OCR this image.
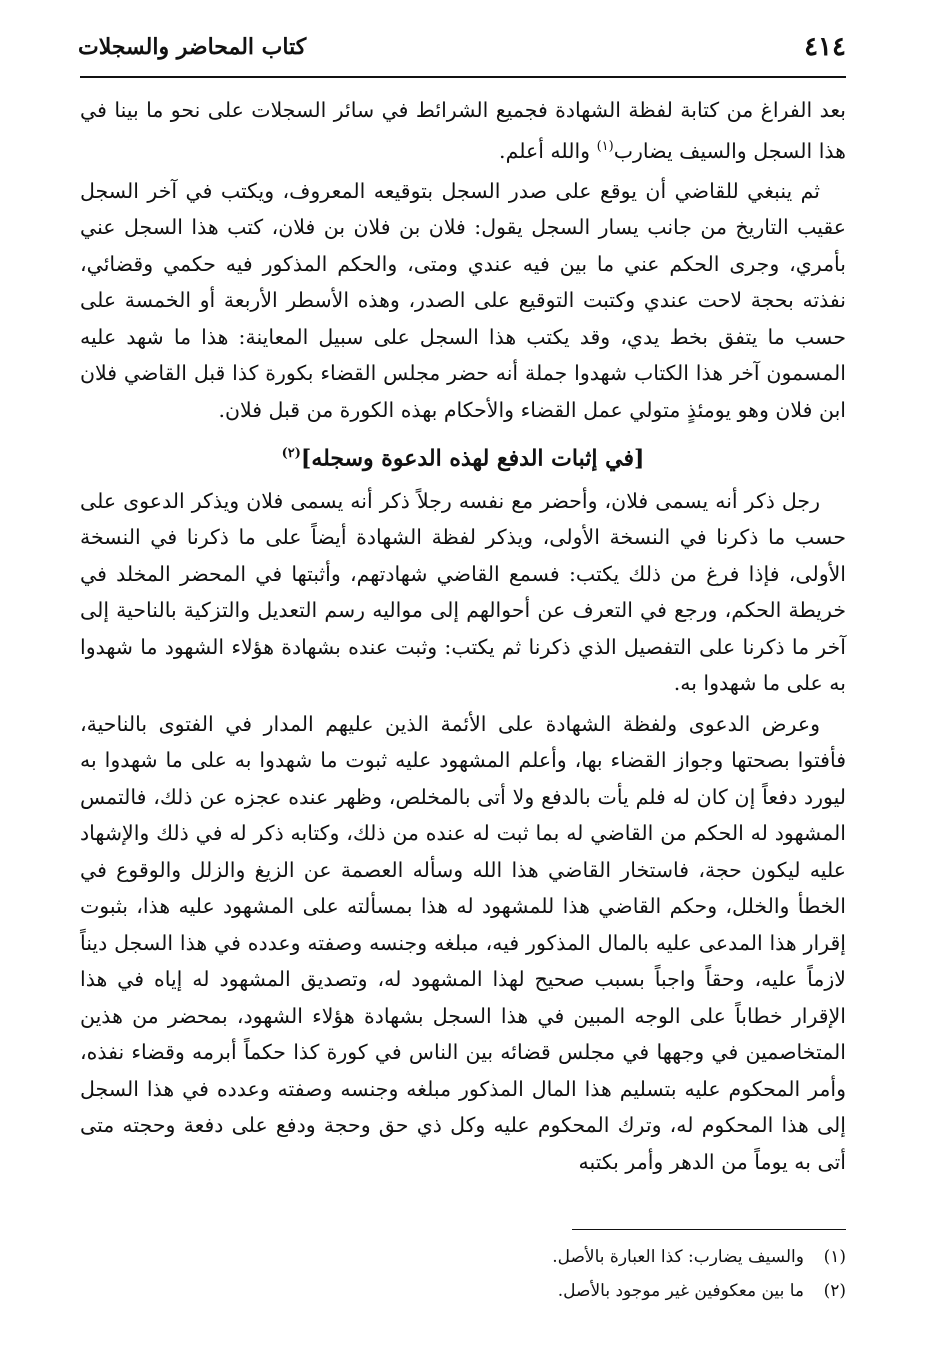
٤١٤
كتاب المحاضر والسجلات

بعد الفراغ من كتابة لفظة الشهادة فجميع الشرائط في سائر السجلات على نحو ما بينا في هذا السجل والسيف يضارب$^{(١)}$ والله أعلم.

ثم ينبغي للقاضي أن يوقع على صدر السجل بتوقيعه المعروف، ويكتب في آخر السجل عقيب التاريخ من جانب يسار السجل يقول: فلان بن فلان بن فلان، كتب هذا السجل عني بأمري، وجرى الحكم عني ما بين فيه عندي ومتى، والحكم المذكور فيه حكمي وقضائي، نفذته بحجة لاحت عندي وكتبت التوقيع على الصدر، وهذه الأسطر الأربعة أو الخمسة على حسب ما يتفق بخط يدي، وقد يكتب هذا السجل على سبيل المعاينة: هذا ما شهد عليه المسمون آخر هذا الكتاب شهدوا جملة أنه حضر مجلس القضاء بكورة كذا قبل القاضي فلان ابن فلان وهو يومئذٍ متولي عمل القضاء والأحكام بهذه الكورة من قبل فلان.

[في إثبات الدفع لهذه الدعوة وسجله]$^{(٢)}$

رجل ذكر أنه يسمى فلان، وأحضر مع نفسه رجلاً ذكر أنه يسمى فلان ويذكر الدعوى على حسب ما ذكرنا في النسخة الأولى، ويذكر لفظة الشهادة أيضاً على ما ذكرنا في النسخة الأولى، فإذا فرغ من ذلك يكتب: فسمع القاضي شهادتهم، وأثبتها في المحضر المخلد في خريطة الحكم، ورجع في التعرف عن أحوالهم إلى مواليه رسم التعديل والتزكية بالناحية إلى آخر ما ذكرنا على التفصيل الذي ذكرنا ثم يكتب: وثبت عنده بشهادة هؤلاء الشهود ما شهدوا به على ما شهدوا به.

وعرض الدعوى ولفظة الشهادة على الأئمة الذين عليهم المدار في الفتوى بالناحية، فأفتوا بصحتها وجواز القضاء بها، وأعلم المشهود عليه ثبوت ما شهدوا به على ما شهدوا به ليورد دفعاً إن كان له فلم يأت بالدفع ولا أتى بالمخلص، وظهر عنده عجزه عن ذلك، فالتمس المشهود له الحكم من القاضي له بما ثبت له عنده من ذلك، وكتابه ذكر له في ذلك والإشهاد عليه ليكون حجة، فاستخار القاضي هذا الله وسأله العصمة عن الزيغ والزلل والوقوع في الخطأ والخلل، وحكم القاضي هذا للمشهود له هذا بمسألته على المشهود عليه هذا، بثبوت إقرار هذا المدعى عليه بالمال المذكور فيه، مبلغه وجنسه وصفته وعدده في هذا السجل ديناً لازماً عليه، وحقاً واجباً بسبب صحيح لهذا المشهود له، وتصديق المشهود له إياه في هذا الإقرار خطاباً على الوجه المبين في هذا السجل بشهادة هؤلاء الشهود، بمحضر من هذين المتخاصمين في وجهها في مجلس قضائه بين الناس في كورة كذا حكماً أبرمه وقضاء نفذه، وأمر المحكوم عليه بتسليم هذا المال المذكور مبلغه وجنسه وصفته وعدده في هذا السجل إلى هذا المحكوم له، وترك المحكوم عليه وكل ذي حق وحجة ودفع على دفعة وحجته متى أتى به يوماً من الدهر وأمر بكتبه

(١)والسيف يضارب: كذا العبارة بالأصل.
(٢)ما بين معكوفين غير موجود بالأصل.
